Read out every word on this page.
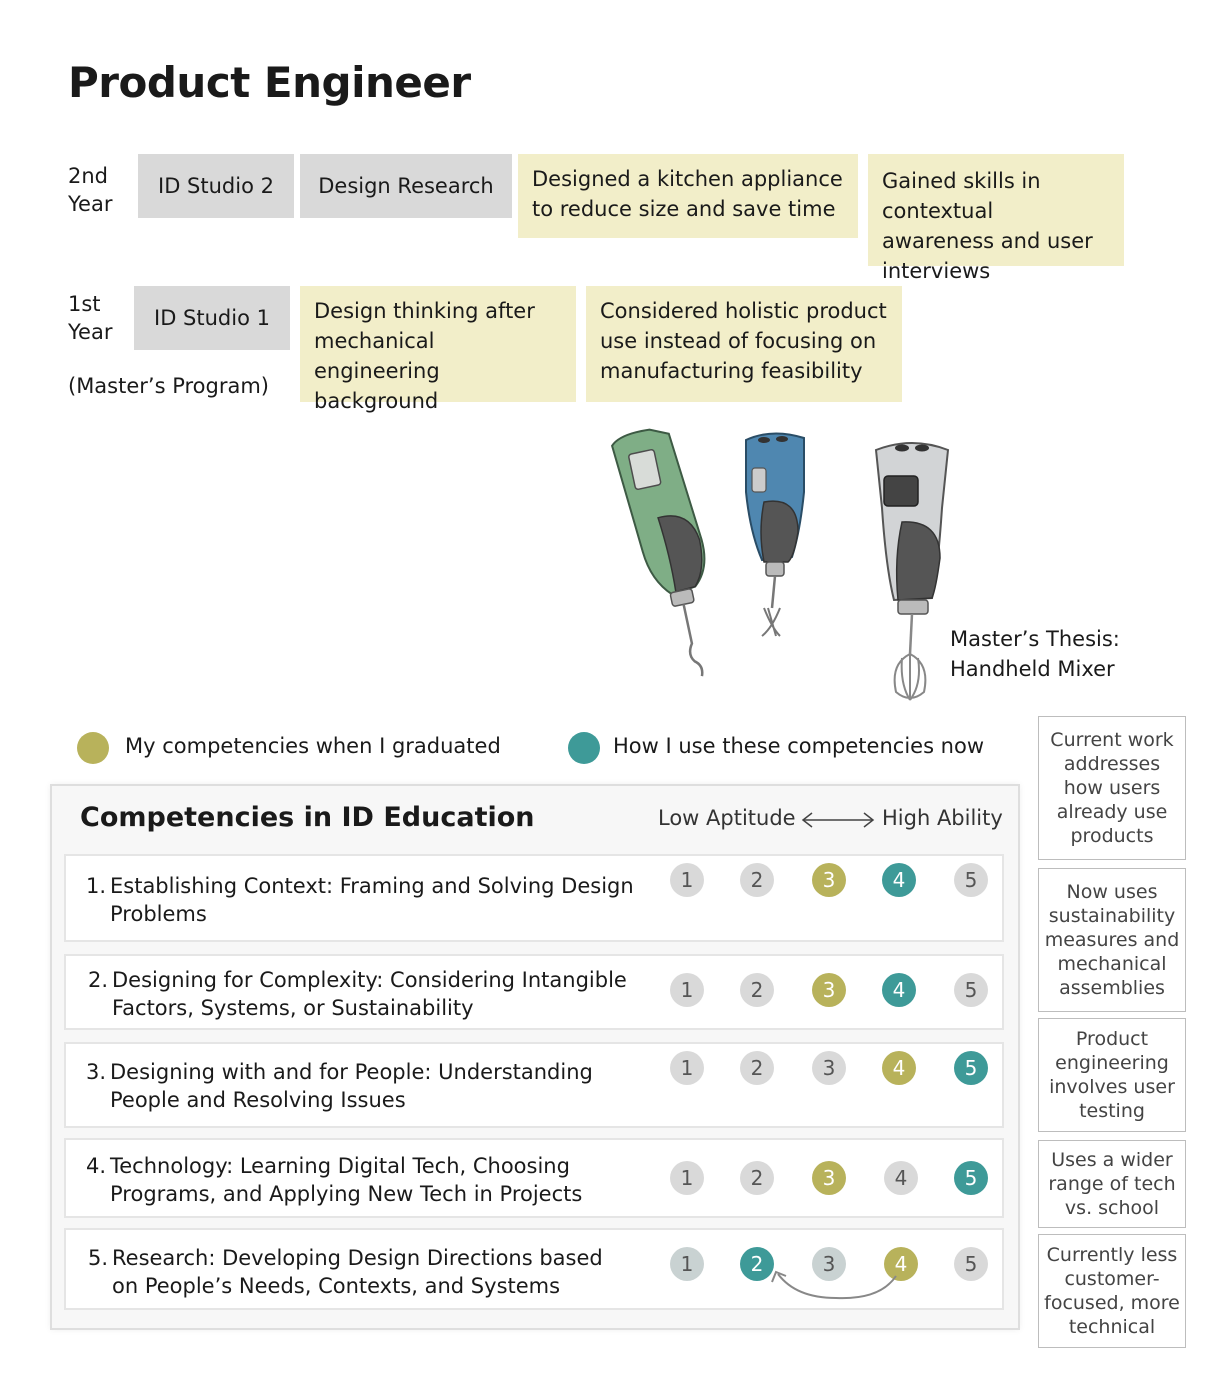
Product Engineer
2nd
Year
ID Studio 2	Design Research	Designed a kitchen appliance to reduce size and save time
Gained skills in contextual awareness and user interviews
1st
Year
ID Studio 1	Design thinking after mechanical engineering background
Considered holistic product use instead of focusing on manufacturing feasibility
(Master’s Program)
Master’s Thesis:
Handheld Mixer
My competencies when I graduated	How I use these competencies now
Competencies in ID Education	Low Aptitude	High Ability
1. Establishing Context: Framing and Solving Design
Problems
1	2	3	4	5
2. Designing for Complexity: Considering Intangible
Factors, Systems, or Sustainability
1	2	3	4	5
3. Designing with and for People: Understanding
People and Resolving Issues
1	2	3	4	5
4. Technology: Learning Digital Tech, Choosing
Programs, and Applying New Tech in Projects
1	2	3	4	5
5. Research: Developing Design Directions based
on People’s Needs, Contexts, and Systems
1	2	3	4	5
Current work addresses how users already use products
Now uses sustainability measures and mechanical assemblies
Product engineering involves user testing
Uses a wider range of tech vs. school
Currently less customer-focused, more technical
